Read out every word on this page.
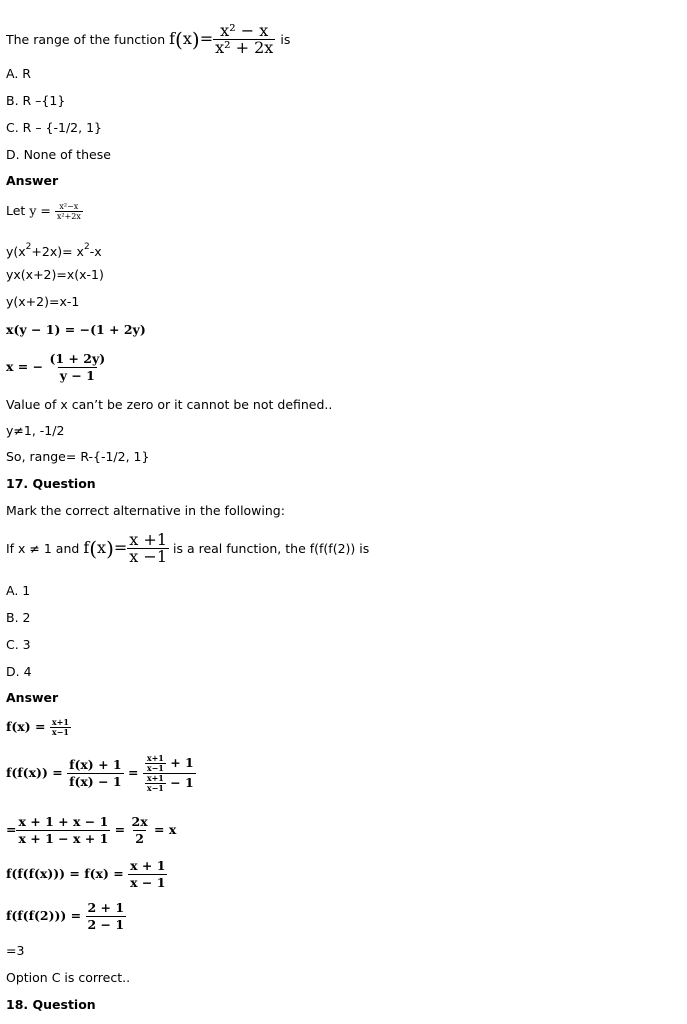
The range of the function $f(x)= \frac{\text{x² − x}}{\text{x² + 2x}}$ is
A. R
B. R –{1}
C. R – {-1/2, 1}
D. None of these
Answer
Let $y = \frac{\text{x²−x}}{\text{x²+2x}}$
$y(x^2+2x)= x^2-x$
yx(x+2)=x(x-1)
y(x+2)=x-1
x(y − 1) = −(1 + 2y)
x = − $\frac{(1 + 2y)}{y - 1}$
Value of x can’t be zero or it cannot be not defined..
y≠1, -1/2
So, range= R-{-1/2, 1}
17. Question
Mark the correct alternative in the following:
If x ≠ 1 and $f(x)= \frac{x +1}{x -1}$ is a real function, the f(f(f(2)) is
A. 1
B. 2
C. 3
D. 4
Answer
$f(x) = \frac{x+1}{x-1}$
$f(f(x)) = \frac{f(x) + 1}{f(x) - 1} = \frac{\frac{x+1}{x-1} + 1}{\frac{x+1}{x-1} - 1}$
= $\frac{x + 1 + x - 1}{x + 1 - x + 1} = \frac{2x}{2} = x$
$f(f(f(x))) = f(x) = \frac{x + 1}{x - 1}$
$f(f(f(2))) = \frac{2 + 1}{2 - 1}$
=3
Option C is correct..
18. Question
